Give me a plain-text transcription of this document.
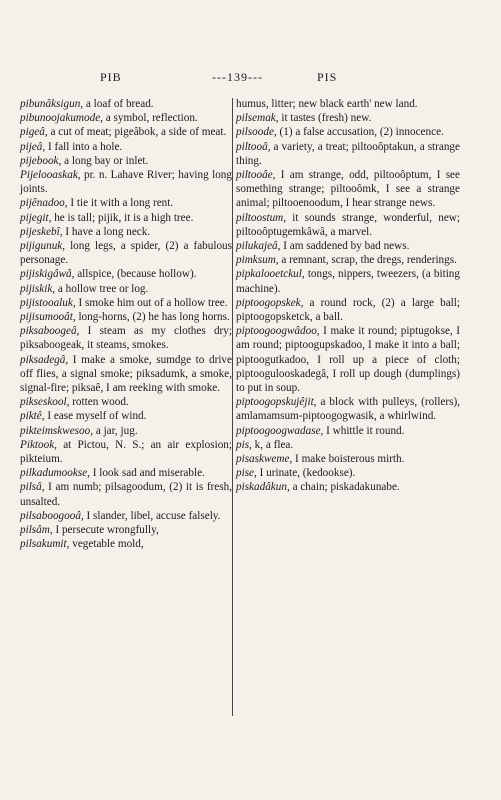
PIB	---139---	PIS
pibunâksigun, a loaf of bread.
pibunoojakumode, a symbol, reflection.
pigeâ, a cut of meat; pigeâbok, a side of meat.
pijeâ, I fall into a hole.
pijebook, a long bay or inlet.
Pijelooaskak, pr. n. Lahave River; having long joints.
pijênadoo, I tie it with a long rent.
pijegit, he is tall; pijik, it is a high tree.
pijeskebî, I have a long neck.
pijigunuk, long legs, a spider, (2) a fabulous personage.
pijiskigâwâ, allspice, (because hollow).
pijiskik, a hollow tree or log.
pijistooaluk, I smoke him out of a hollow tree.
pijisumooât, long-horns, (2) he has long horns.
piksaboogeâ, I steam as my clothes dry; piksaboogeak, it steams, smokes.
piksadegâ, I make a smoke, sumdge to drive off flies, a signal smoke; piksadumk, a smoke, signal-fire; piksaê, I am reeking with smoke.
pikseskool, rotten wood.
piktê, I ease myself of wind.
pikteimskwesoo, a jar, jug.
Piktook, at Pictou, N. S.; an air explosion; pikteium.
pilkadumookse, I look sad and miserable.
pilsâ, I am numb; pilsagoodum, (2) it is fresh, unsalted.
pilsaboogooâ, I slander, libel, accuse falsely.
pilsâm, I persecute wrongfully,
pilsakumit, vegetable mold,
humus, litter; new black earth' new land.
pilsemak, it tastes (fresh) new.
pilsoode, (1) a false accusation, (2) innocence.
piltooâ, a variety, a treat; piltooôptakun, a strange thing.
piltooâe, I am strange, odd, piltooôptum, I see something strange; piltooômk, I see a strange animal; piltooenoodum, I hear strange news.
piltoostum, it sounds strange, wonderful, new; piltooôptugemkâwâ, a marvel.
pilukajeâ, I am saddened by bad news.
pimksum, a remnant, scrap, the dregs, renderings.
pipkalooetckul, tongs, nippers, tweezers, (a biting machine).
piptoogopskek, a round rock, (2) a large ball; piptoogopsketck, a ball.
piptoogoogwâdoo, I make it round; piptugokse, I am round; piptoogupskadoo, I make it into a ball; piptoogutkadoo, I roll up a piece of cloth; piptoogulooskadegâ, I roll up dough (dumplings) to put in soup.
piptoogopskujêjit, a block with pulleys, (rollers), amlamamsum-piptoogogwasik, a whirlwind.
piptoogoogwadase, I whittle it round.
pis, k, a flea.
pisaskweme, I make boisterous mirth.
pise, I urinate, (kedookse).
piskadâkun, a chain; piskadakunabe.
